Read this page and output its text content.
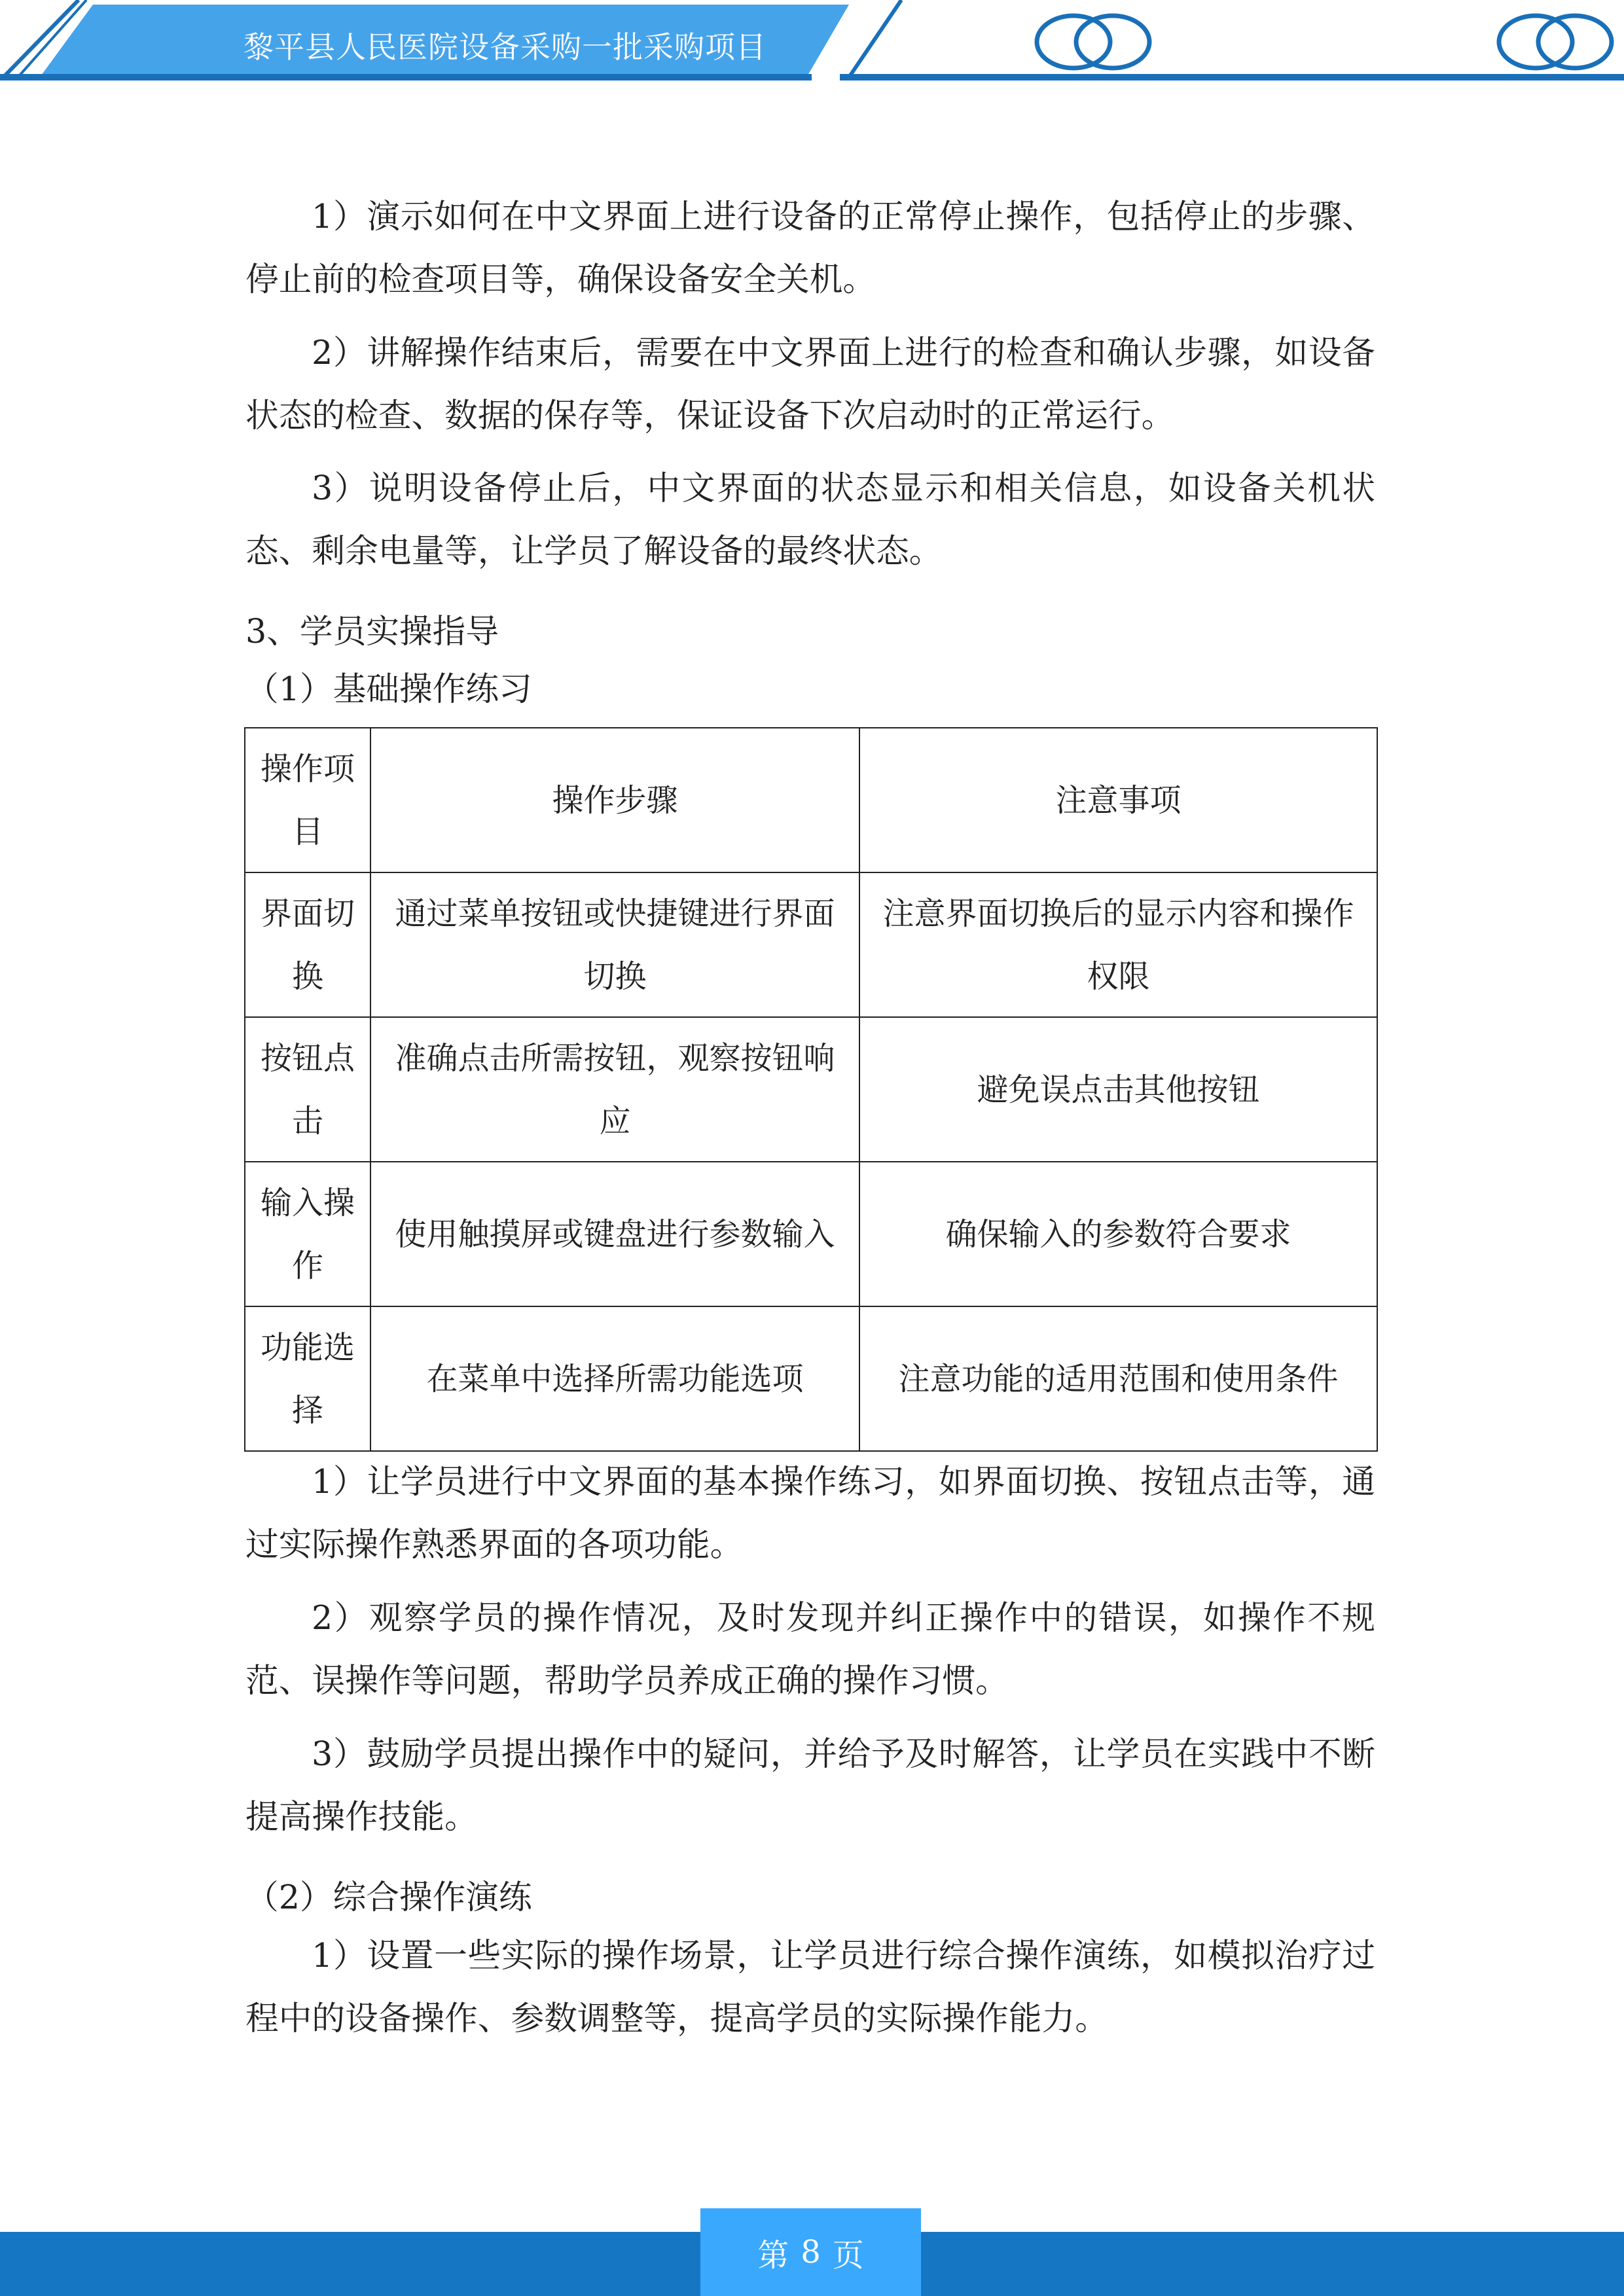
黎平县人民医院设备采购一批采购项目
1）演示如何在中文界面上进行设备的正常停止操作，包括停止的步骤、停止前的检查项目等，确保设备安全关机。
2）讲解操作结束后，需要在中文界面上进行的检查和确认步骤，如设备状态的检查、数据的保存等，保证设备下次启动时的正常运行。
3）说明设备停止后，中文界面的状态显示和相关信息，如设备关机状态、剩余电量等，让学员了解设备的最终状态。
3、学员实操指导
（1）基础操作练习
操作项目	操作步骤	注意事项
界面切换	通过菜单按钮或快捷键进行界面切换	注意界面切换后的显示内容和操作权限
按钮点击	准确点击所需按钮，观察按钮响应	避免误点击其他按钮
输入操作	使用触摸屏或键盘进行参数输入	确保输入的参数符合要求
功能选择	在菜单中选择所需功能选项	注意功能的适用范围和使用条件
1）让学员进行中文界面的基本操作练习，如界面切换、按钮点击等，通过实际操作熟悉界面的各项功能。
2）观察学员的操作情况，及时发现并纠正操作中的错误，如操作不规范、误操作等问题，帮助学员养成正确的操作习惯。
3）鼓励学员提出操作中的疑问，并给予及时解答，让学员在实践中不断提高操作技能。
（2）综合操作演练
1）设置一些实际的操作场景，让学员进行综合操作演练，如模拟治疗过程中的设备操作、参数调整等，提高学员的实际操作能力。
第 8 页
